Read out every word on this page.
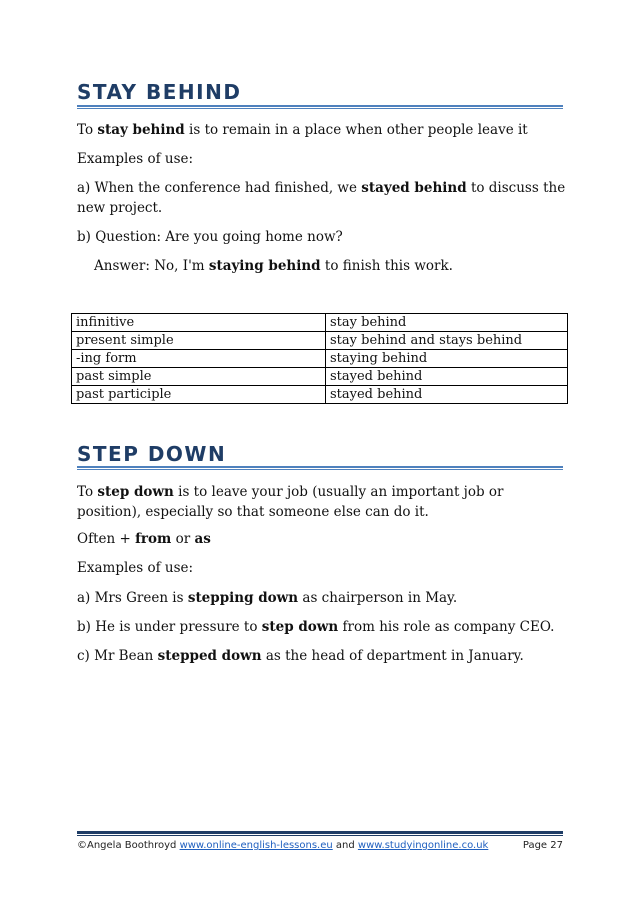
STAY BEHIND

To stay behind is to remain in a place when other people leave it

Examples of use:

a) When the conference had finished, we stayed behind to discuss the new project.

b) Question: Are you going home now?

Answer: No, I'm staying behind to finish this work.

infinitive	stay behind
present simple	stay behind and stays behind
-ing form	staying behind
past simple	stayed behind
past participle	stayed behind
STEP DOWN

To step down is to leave your job (usually an important job or position), especially so that someone else can do it.

Often + from or as

Examples of use:

a) Mrs Green is stepping down as chairperson in May.

b) He is under pressure to step down from his role as company CEO.

c) Mr Bean stepped down as the head of department in January.

©Angela Boothroyd www.online-english-lessons.eu and www.studyingonline.co.uk	Page 27
